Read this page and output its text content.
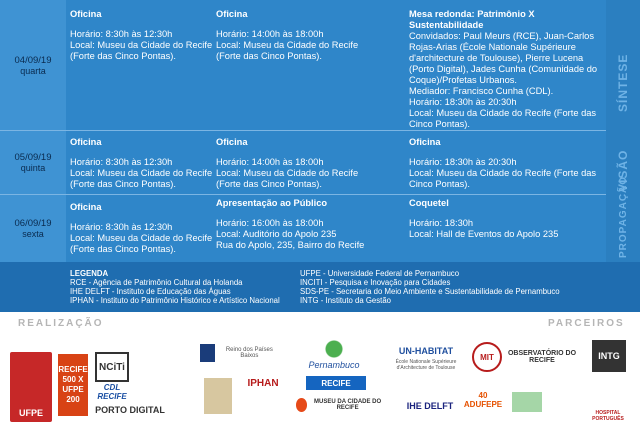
04/09/19
quarta
Oficina
Horário: 8:30h às 12:30h
Local: Museu da Cidade do Recife
(Forte das Cinco Pontas).
Oficina
Horário: 14:00h às 18:00h
Local: Museu da Cidade do Recife
(Forte das Cinco Pontas).
Mesa redonda: Patrimônio X Sustentabilidade
Convidados: Paul Meurs (RCE), Juan-Carlos
Rojas-Arias (École Nationale Supérieure
d'architecture de Toulouse), Pierre Lucena
(Porto Digital), Jades Cunha (Comunidade do
Coque)/Profetas Urbanos.
Mediador: Francisco Cunha (CDL).
Horário: 18:30h às 20:30h
Local: Museu da Cidade do Recife (Forte das
Cinco Pontas).
05/09/19
quinta
Oficina
Horário: 8:30h às 12:30h
Local: Museu da Cidade do Recife
(Forte das Cinco Pontas).
Oficina
Horário: 14:00h às 18:00h
Local: Museu da Cidade do Recife
(Forte das Cinco Pontas).
Oficina
Horário: 18:30h às 20:30h
Local: Museu da Cidade do Recife (Forte das
Cinco Pontas).
06/09/19
sexta
Oficina
Horário: 8:30h às 12:30h
Local: Museu da Cidade do Recife
(Forte das Cinco Pontas).
Apresentação ao Público
Horário: 16:00h às 18:00h
Local: Auditório do Apolo 235
Rua do Apolo, 235, Bairro do Recife
Coquetel
Horário: 18:30h
Local: Hall de Eventos do Apolo 235
SÍNTESE
VISÃO
PROPAGAÇÃO
LEGENDA
RCE - Agência de Patrimônio Cultural da Holanda
IHE DELFT - Instituto de Educação das Águas
IPHAN - Instituto do Patrimônio Histórico e Artístico Nacional
UFPE - Universidade Federal de Pernambuco
INCITI - Pesquisa e Inovação para Cidades
SDS-PE - Secretaria do Meio Ambiente e Sustentabilidade de Pernambuco
INTG - Instituto da Gestão
REALIZAÇÃO	PARCEIROS
UFPE
RECIFE 500 X UFPE 200
NCiTi
CDL RECIFE
PORTO DIGITAL
Reino dos Países Baixos
Pernambuco
UN-HABITAT
École Nationale Supérieure d'Architecture de Toulouse
MIT	OBSERVATÓRIO DO RECIFE	INTG
IPHAN	RECIFE
MUSEU DA CIDADE DO RECIFE	IHE DELFT
40 ADUFEPE
HOSPITAL PORTUGUÊS
